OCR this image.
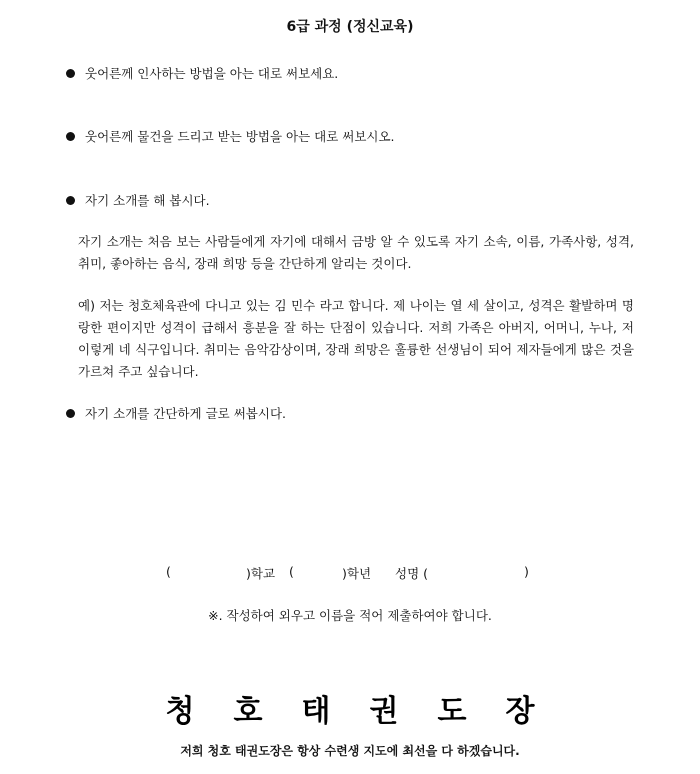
6급 과정 (정신교육)
웃어른께 인사하는 방법을 아는 대로 써보세요.
웃어른께 물건을 드리고 받는 방법을 아는 대로 써보시오.
자기 소개를 해 봅시다.
자기 소개는 처음 보는 사람들에게 자기에 대해서 금방 알 수 있도록 자기 소속, 이름, 가족사항, 성격, 취미, 좋아하는 음식, 장래 희망 등을 간단하게 알리는 것이다.
예) 저는 청호체육관에 다니고 있는 김 민수 라고 합니다. 제 나이는 열 세 살이고, 성격은 활발하며 명랑한 편이지만 성격이 급해서 흥분을 잘 하는 단점이 있습니다. 저희 가족은 아버지, 어머니, 누나, 저 이렇게 네 식구입니다. 취미는 음악감상이며, 장래 희망은 훌륭한 선생님이 되어 제자들에게 많은 것을 가르쳐 주고 싶습니다.
자기 소개를 간단하게 글로 써봅시다.
(	)학교 (	)학년 성명 (	)
※. 작성하여 외우고 이름을 적어 제출하여야 합니다.
청	호	태	권	도	장
저희 청호 태권도장은 항상 수련생 지도에 최선을 다 하겠습니다.
